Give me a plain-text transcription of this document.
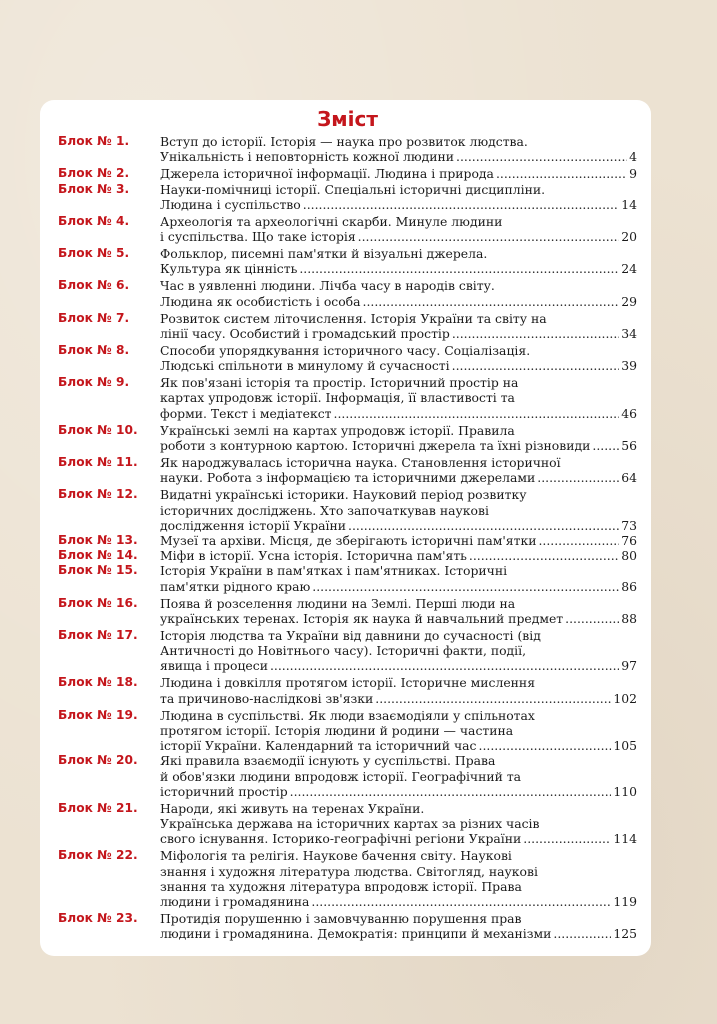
Зміст
Блок № 1.	Вступ до історії. Історія — наука про розвиток людства.
Унікальність і неповторність кожної людини .....	4
Блок № 2.	Джерела історичної інформації. Людина і природа .....	9
Блок № 3.	Науки-помічниці історії. Спеціальні історичні дисципліни.
Людина і суспільство .....	14
Блок № 4.	Археологія та археологічні скарби. Минуле людини
і суспільства. Що таке історія .....	20
Блок № 5.	Фольклор, писемні пам'ятки й візуальні джерела.
Культура як цінність .....	24
Блок № 6.	Час в уявленні людини. Лічба часу в народів світу.
Людина як особистість і особа .....	29
Блок № 7.	Розвиток систем літочислення. Історія України та світу на
лінії часу. Особистий і громадський простір .....	34
Блок № 8.	Способи упорядкування історичного часу. Соціалізація.
Людські спільноти в минулому й сучасності .....	39
Блок № 9.	Як пов'язані історія та простір. Історичний простір на
картах упродовж історії. Інформація, її властивості та
форми. Текст і медіатекст .....	46
Блок № 10.	Українські землі на картах упродовж історії. Правила
роботи з контурною картою. Історичні джерела та їхні різновиди ..... 56
Блок № 11.	Як народжувалась історична наука. Становлення історичної
науки. Робота з інформацією та історичними джерелами .....	64
Блок № 12.	Видатні українські історики. Науковий період розвитку
історичних досліджень. Хто започаткував наукові
дослідження історії України .....	73
Блок № 13.	Музеї та архіви. Місця, де зберігають історичні пам'ятки .....	76
Блок № 14.	Міфи в історії. Усна історія. Історична пам'ять .....	80
Блок № 15.	Історія України в пам'ятках і пам'ятниках. Історичні
пам'ятки рідного краю .....	86
Блок № 16.	Поява й розселення людини на Землі. Перші люди на
українських теренах. Історія як наука й навчальний предмет .....	88
Блок № 17.	Історія людства та України від давнини до сучасності (від
Античності до Новітнього часу). Історичні факти, події,
явища і процеси .....	97
Блок № 18.	Людина і довкілля протягом історії. Історичне мислення
та причиново-наслідкові зв'язки .....	102
Блок № 19.	Людина в суспільстві. Як люди взаємодіяли у спільнотах
протягом історії. Історія людини й родини — частина
історії України. Календарний та історичний час .....	105
Блок № 20.	Які правила взаємодії існують у суспільстві. Права
й обов'язки людини впродовж історії. Географічний та
історичний простір .....	110
Блок № 21.	Народи, які живуть на теренах України.
Українська держава на історичних картах за різних часів
свого існування. Історико-географічні регіони України .....	114
Блок № 22.	Міфологія та релігія. Наукове бачення світу. Наукові
знання і художня література людства. Світогляд, наукові
знання та художня література впродовж історії. Права
людини і громадянина .....	119
Блок № 23.	Протидія порушенню і замовчуванню порушення прав
людини і громадянина. Демократія: принципи й механізми .....	125
